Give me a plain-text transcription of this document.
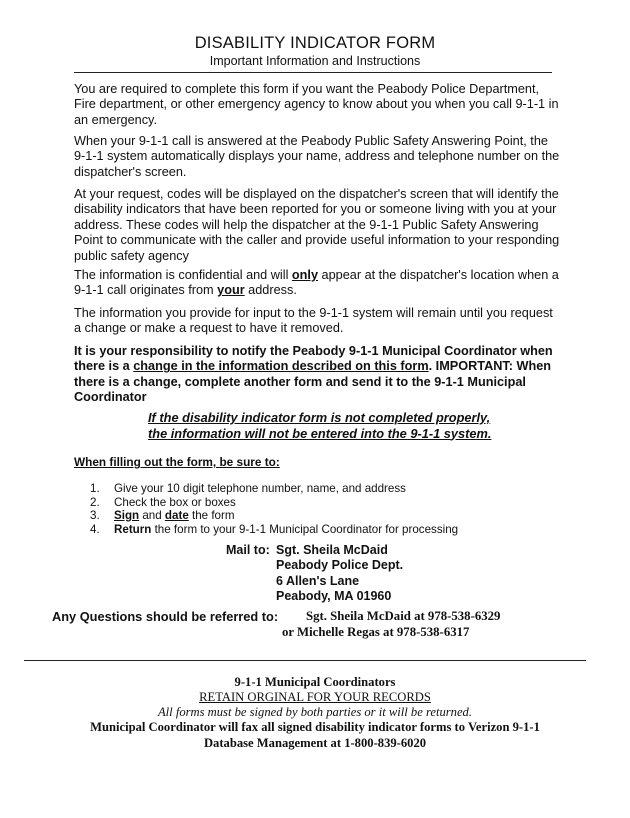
DISABILITY INDICATOR FORM
Important Information and Instructions

You are required to complete this form if you want the Peabody Police Department, Fire department, or other emergency agency to know about you when you call 9-1-1 in an emergency.

When your 9-1-1 call is answered at the Peabody Public Safety Answering Point, the 9-1-1 system automatically displays your name, address and telephone number on the dispatcher's screen.

At your request, codes will be displayed on the dispatcher's screen that will identify the disability indicators that have been reported for you or someone living with you at your address. These codes will help the dispatcher at the 9-1-1 Public Safety Answering Point to communicate with the caller and provide useful information to your responding public safety agency

The information is confidential and will only appear at the dispatcher's location when a 9-1-1 call originates from your address.

The information you provide for input to the 9-1-1 system will remain until you request a change or make a request to have it removed.

It is your responsibility to notify the Peabody 9-1-1 Municipal Coordinator when there is a change in the information described on this form. IMPORTANT: When there is a change, complete another form and send it to the 9-1-1 Municipal Coordinator

If the disability indicator form is not completed properly,
the information will not be entered into the 9-1-1 system.

When filling out the form, be sure to:
1. Give your 10 digit telephone number, name, and address
2. Check the box or boxes
3. Sign and date the form
4. Return the form to your 9-1-1 Municipal Coordinator for processing
Mail to: Sgt. Sheila McDaid
Peabody Police Dept.
6 Allen's Lane
Peabody, MA 01960
Any Questions should be referred to: Sgt. Sheila McDaid at 978-538-6329
or Michelle Regas at 978-538-6317
9-1-1 Municipal Coordinators
RETAIN ORGINAL FOR YOUR RECORDS
All forms must be signed by both parties or it will be returned.
Municipal Coordinator will fax all signed disability indicator forms to Verizon 9-1-1
Database Management at 1-800-839-6020
